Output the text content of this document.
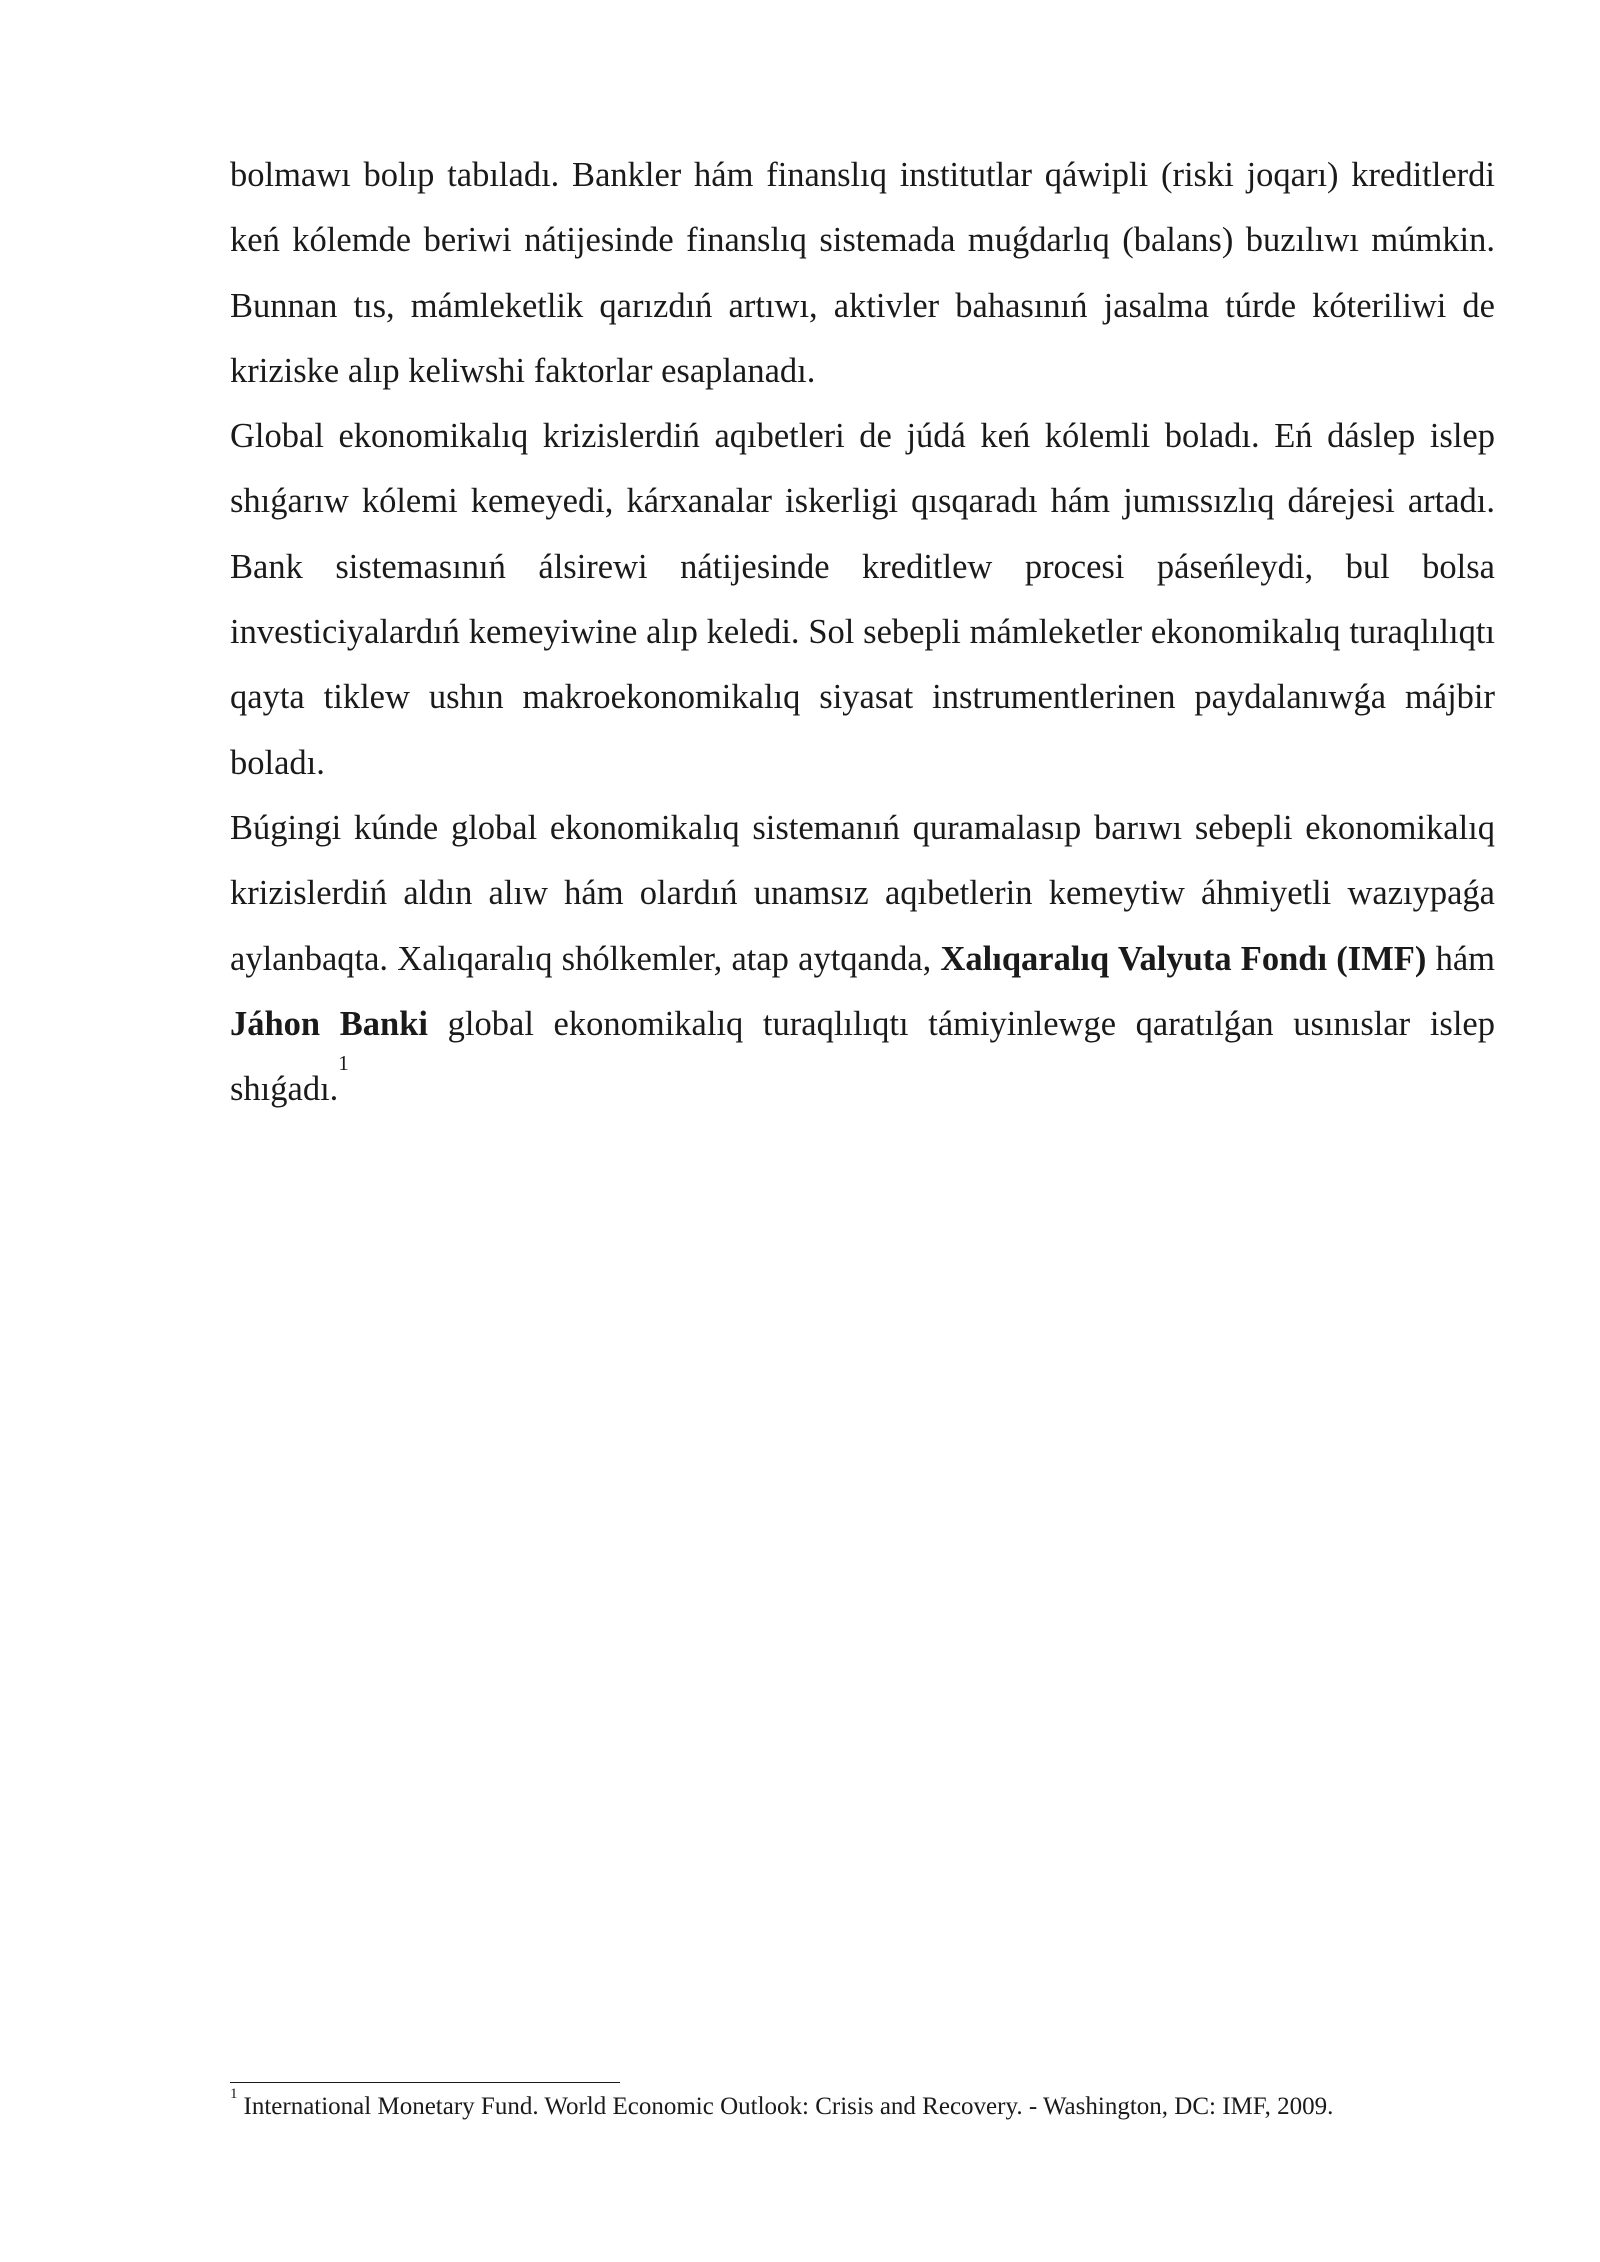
bolmawı bolıp tabıladı. Bankler hám finanslıq institutlar qáwipli (riski joqarı) kreditlerdi keń kólemde beriwi nátijesinde finanslıq sistemada muǵdarlıq (balans) buzılıwı múmkin. Bunnan tıs, mámleketlik qarızdıń artıwı, aktivler bahasınıń jasalma túrde kóteriliwi de kriziske alıp keliwshi faktorlar esaplanadı.

Global ekonomikalıq krizislerdiń aqıbetleri de júdá keń kólemli boladı. Eń dáslep islep shıǵarıw kólemi kemeyedi, kárxanalar iskerligi qısqaradı hám jumıssızlıq dárejesi artadı. Bank sistemasınıń álsirewi nátijesinde kreditlew procesi páseńleydi, bul bolsa investiciyalardıń kemeyiwine alıp keledi. Sol sebepli mámleketler ekonomikalıq turaqlılıqtı qayta tiklew ushın makroekonomikalıq siyasat instrumentlerinen paydalanıwǵa májbir boladı.

Búgingi kúnde global ekonomikalıq sistemanıń quramalasıp barıwı sebepli ekonomikalıq krizislerdiń aldın alıw hám olardıń unamsız aqıbetlerin kemeytiw áhmiyetli wazıypaǵa aylanbaqta. Xalıqaralıq shólkemler, atap aytqanda, Xalıqaralıq Valyuta Fondı (IMF) hám Jáhon Banki global ekonomikalıq turaqlılıqtı támiyinlewge qaratılǵan usınıslar islep shıǵadı.$^1$

$^1$ International Monetary Fund. World Economic Outlook: Crisis and Recovery. - Washington, DC: IMF, 2009.
